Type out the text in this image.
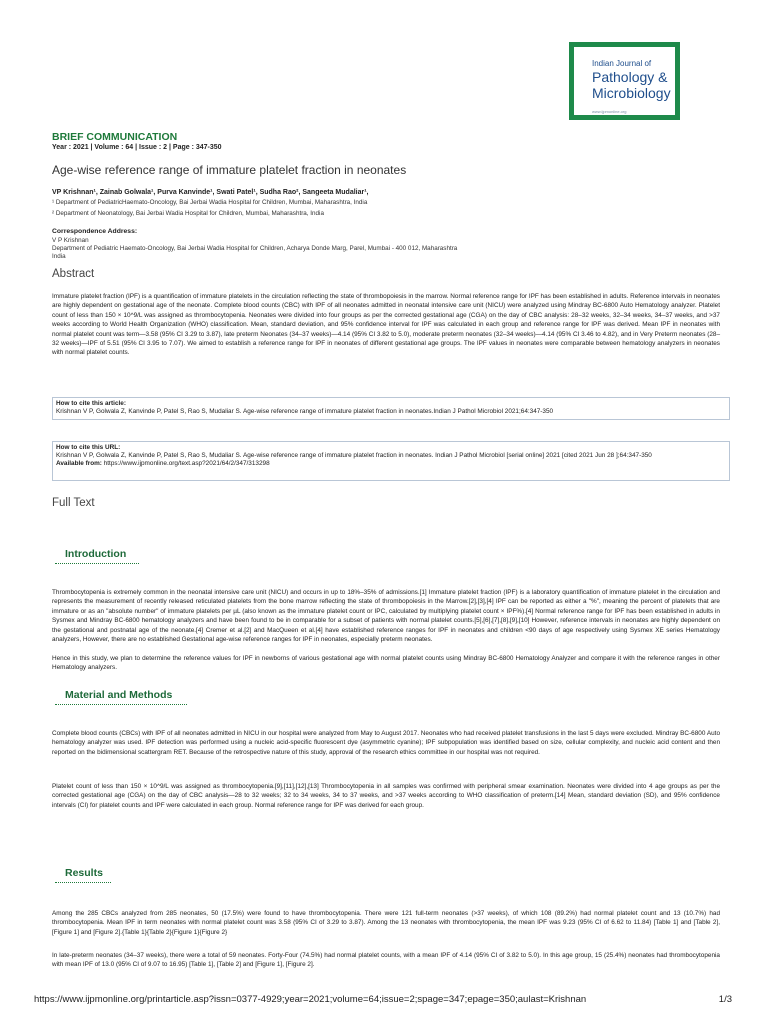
Indian Journal of
Pathology &
Microbiology
www.ijpmonline.org
BRIEF COMMUNICATION
Year : 2021 | Volume : 64 | Issue : 2 | Page : 347-350
Age-wise reference range of immature platelet fraction in neonates
VP Krishnan¹, Zainab Golwala¹, Purva Kanvinde¹, Swati Patel¹, Sudha Rao², Sangeeta Mudaliar¹,
¹ Department of PediatricHaemato-Oncology, Bai Jerbai Wadia Hospital for Children, Mumbai, Maharashtra, India
² Department of Neonatology, Bai Jerbai Wadia Hospital for Children, Mumbai, Maharashtra, India
Correspondence Address:
V P Krishnan
Department of Pediatric Haemato-Oncology, Bai Jerbai Wadia Hospital for Children, Acharya Donde Marg, Parel, Mumbai - 400 012, Maharashtra
India
Abstract
Immature platelet fraction (IPF) is a quantification of immature platelets in the circulation reflecting the state of thrombopoiesis in the marrow. Normal reference range for IPF has been established in adults. Reference intervals in neonates are highly dependent on gestational age of the neonate. Complete blood counts (CBC) with IPF of all neonates admitted in neonatal intensive care unit (NICU) were analyzed using Mindray BC-6800 Auto Hematology analyzer. Platelet count of less than 150 × 10^9/L was assigned as thrombocytopenia. Neonates were divided into four groups as per the corrected gestational age (CGA) on the day of CBC analysis: 28–32 weeks, 32–34 weeks, 34–37 weeks, and >37 weeks according to World Health Organization (WHO) classification. Mean, standard deviation, and 95% confidence interval for IPF was calculated in each group and reference range for IPF was derived. Mean IPF in neonates with normal platelet count was term—3.58 (95% CI 3.29 to 3.87), late preterm Neonates (34–37 weeks)—4.14 (95% CI 3.82 to 5.0), moderate preterm neonates (32–34 weeks)—4.14 (95% CI 3.46 to 4.82), and in Very Preterm neonates (28–32 weeks)—IPF of 5.51 (95% CI 3.95 to 7.07). We aimed to establish a reference range for IPF in neonates of different gestational age groups. The IPF values in neonates were comparable between hematology analyzers in neonates with normal platelet counts.
How to cite this article:
Krishnan V P, Golwala Z, Kanvinde P, Patel S, Rao S, Mudaliar S. Age-wise reference range of immature platelet fraction in neonates.Indian J Pathol Microbiol 2021;64:347-350
How to cite this URL:
Krishnan V P, Golwala Z, Kanvinde P, Patel S, Rao S, Mudaliar S. Age-wise reference range of immature platelet fraction in neonates. Indian J Pathol Microbiol [serial online] 2021 [cited 2021 Jun 28 ];64:347-350
Available from: https://www.ijpmonline.org/text.asp?2021/64/2/347/313298
Full Text
Introduction
Thrombocytopenia is extremely common in the neonatal intensive care unit (NICU) and occurs in up to 18%–35% of admissions.[1] Immature platelet fraction (IPF) is a laboratory quantification of immature platelet in the circulation and represents the measurement of recently released reticulated platelets from the bone marrow reflecting the state of thrombopoiesis in the Marrow.[2],[3],[4] IPF can be reported as either a "%", meaning the percent of platelets that are immature or as an "absolute number" of immature platelets per µL (also known as the immature platelet count or IPC, calculated by multiplying platelet count × IPF%).[4] Normal reference range for IPF has been established in adults in Sysmex and Mindray BC-6800 hematology analyzers and have been found to be in comparable for a subset of patients with normal platelet counts.[5],[6],[7],[8],[9],[10] However, reference intervals in neonates are highly dependent on the gestational and postnatal age of the neonate.[4] Cremer et al.[2] and MacQueen et al.[4] have established reference ranges for IPF in neonates and children <90 days of age respectively using Sysmex XE series Hematology analyzers, However, there are no established Gestational age-wise reference ranges for IPF in neonates, especially preterm neonates.
Hence in this study, we plan to determine the reference values for IPF in newborns of various gestational age with normal platelet counts using Mindray BC-6800 Hematology Analyzer and compare it with the reference ranges in other Hematology analyzers.
Material and Methods
Complete blood counts (CBCs) with IPF of all neonates admitted in NICU in our hospital were analyzed from May to August 2017. Neonates who had received platelet transfusions in the last 5 days were excluded. Mindray BC-6800 Auto hematology analyzer was used. IPF detection was performed using a nucleic acid-specific fluorescent dye (asymmetric cyanine); IPF subpopulation was identified based on size, cellular complexity, and nucleic acid content and then reported on the bidimensional scattergram RET. Because of the retrospective nature of this study, approval of the research ethics committee in our hospital was not required.
Platelet count of less than 150 × 10^9/L was assigned as thrombocytopenia.[9],[11],[12],[13] Thrombocytopenia in all samples was confirmed with peripheral smear examination. Neonates were divided into 4 age groups as per the corrected gestational age (CGA) on the day of CBC analysis—28 to 32 weeks; 32 to 34 weeks, 34 to 37 weeks, and >37 weeks according to WHO classification of preterm.[14] Mean, standard deviation (SD), and 95% confidence intervals (CI) for platelet counts and IPF were calculated in each group. Normal reference range for IPF was derived for each group.
Results
Among the 285 CBCs analyzed from 285 neonates, 50 (17.5%) were found to have thrombocytopenia. There were 121 full-term neonates (>37 weeks), of which 108 (89.2%) had normal platelet count and 13 (10.7%) had thrombocytopenia. Mean IPF in term neonates with normal platelet count was 3.58 (95% CI of 3.29 to 3.87). Among the 13 neonates with thrombocytopenia, the mean IPF was 9.23 (95% CI of 6.62 to 11.84) [Table 1] and [Table 2], [Figure 1] and [Figure 2].{Table 1}{Table 2}{Figure 1}{Figure 2}
In late-preterm neonates (34–37 weeks), there were a total of 59 neonates. Forty-Four (74.5%) had normal platelet counts, with a mean IPF of 4.14 (95% CI of 3.82 to 5.0). In this age group, 15 (25.4%) neonates had thrombocytopenia with mean IPF of 13.0 (95% CI of 9.07 to 16.95) [Table 1], [Table 2] and [Figure 1], [Figure 2].
https://www.ijpmonline.org/printarticle.asp?issn=0377-4929;year=2021;volume=64;issue=2;spage=347;epage=350;aulast=Krishnan	1/3
